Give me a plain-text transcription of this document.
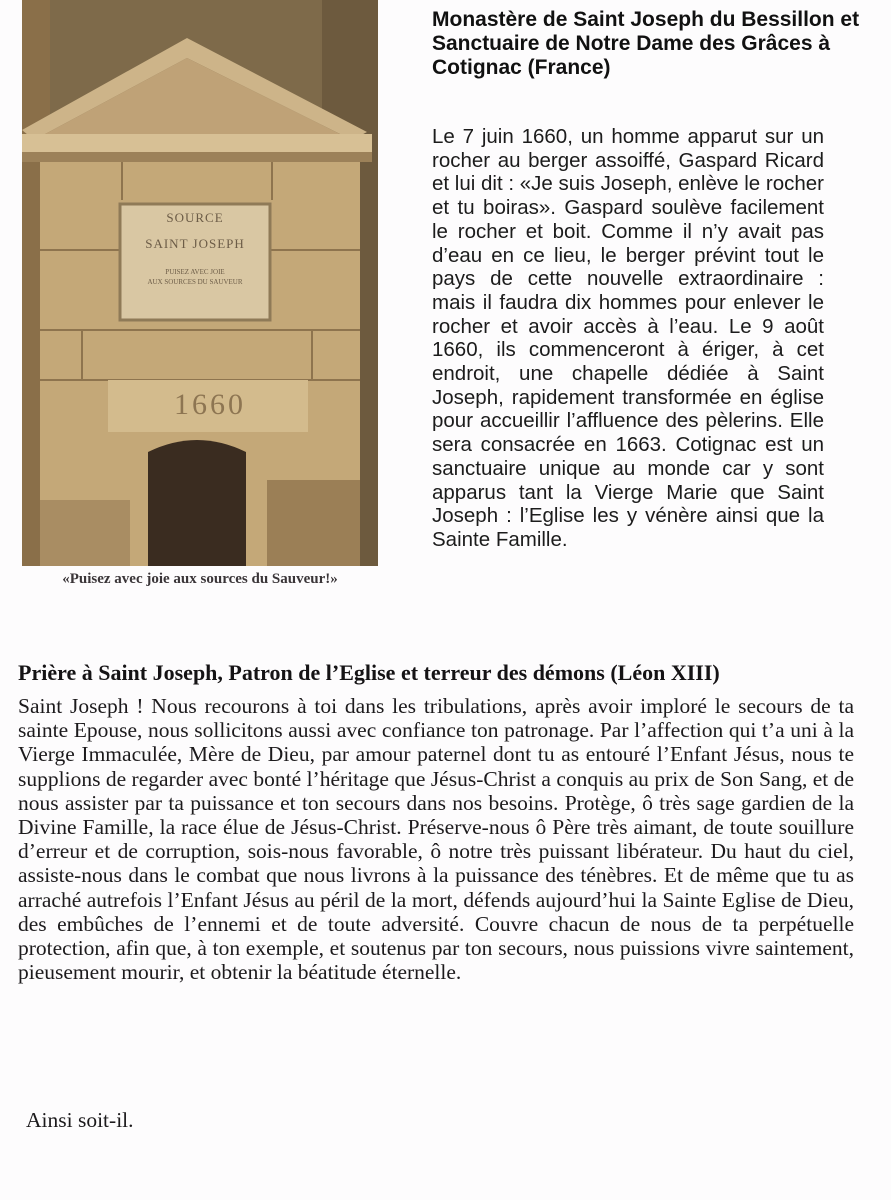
SOURCE
SAINT JOSEPH
PUISEZ AVEC JOIE
AUX SOURCES DU SAUVEUR
1660
«Puisez avec joie aux sources du Sauveur!»
Monastère de Saint Joseph du Bessillon et Sanctuaire de Notre Dame des Grâces à Cotignac (France)
Le 7 juin 1660, un homme apparut sur un rocher au berger assoiffé, Gaspard Ricard et lui dit : «Je suis Joseph, enlève le rocher et tu boiras». Gaspard soulève facilement le rocher et boit. Comme il n’y avait pas d’eau en ce lieu, le berger prévint tout le pays de cette nouvelle extraordinaire : mais il faudra dix hommes pour enlever le rocher et avoir accès à l’eau. Le 9 août 1660, ils commenceront à ériger, à cet endroit, une chapelle dédiée à Saint Joseph, rapidement transformée en église pour accueillir l’affluence des pèlerins. Elle sera consacrée en 1663. Cotignac est un sanctuaire unique au monde car y sont apparus tant la Vierge Marie que Saint Joseph : l’Eglise les y vénère ainsi que la Sainte Famille.
Prière à Saint Joseph, Patron de l’Eglise et terreur des démons (Léon XIII)
Saint Joseph ! Nous recourons à toi dans les tribulations, après avoir imploré le secours de ta sainte Epouse, nous sollicitons aussi avec confiance ton patronage. Par l’affection qui t’a uni à la Vierge Immaculée, Mère de Dieu, par amour paternel dont tu as entouré l’Enfant Jésus, nous te supplions de regarder avec bonté l’héritage que Jésus-Christ a conquis au prix de Son Sang, et de nous assister par ta puissance et ton secours dans nos besoins. Protège, ô très sage gardien de la Divine Famille, la race élue de Jésus-Christ. Préserve-nous ô Père très aimant, de toute souillure d’erreur et de corruption, sois-nous favorable, ô notre très puissant libérateur. Du haut du ciel, assiste-nous dans le combat que nous livrons à la puissance des ténèbres. Et de même que tu as arraché autrefois l’Enfant Jésus au péril de la mort, défends aujourd’hui la Sainte Eglise de Dieu, des embûches de l’ennemi et de toute adversité. Couvre chacun de nous de ta perpétuelle protection, afin que, à ton exemple, et soutenus par ton secours, nous puissions vivre saintement, pieusement mourir, et obtenir la béatitude éternelle.
Ainsi soit-il.
